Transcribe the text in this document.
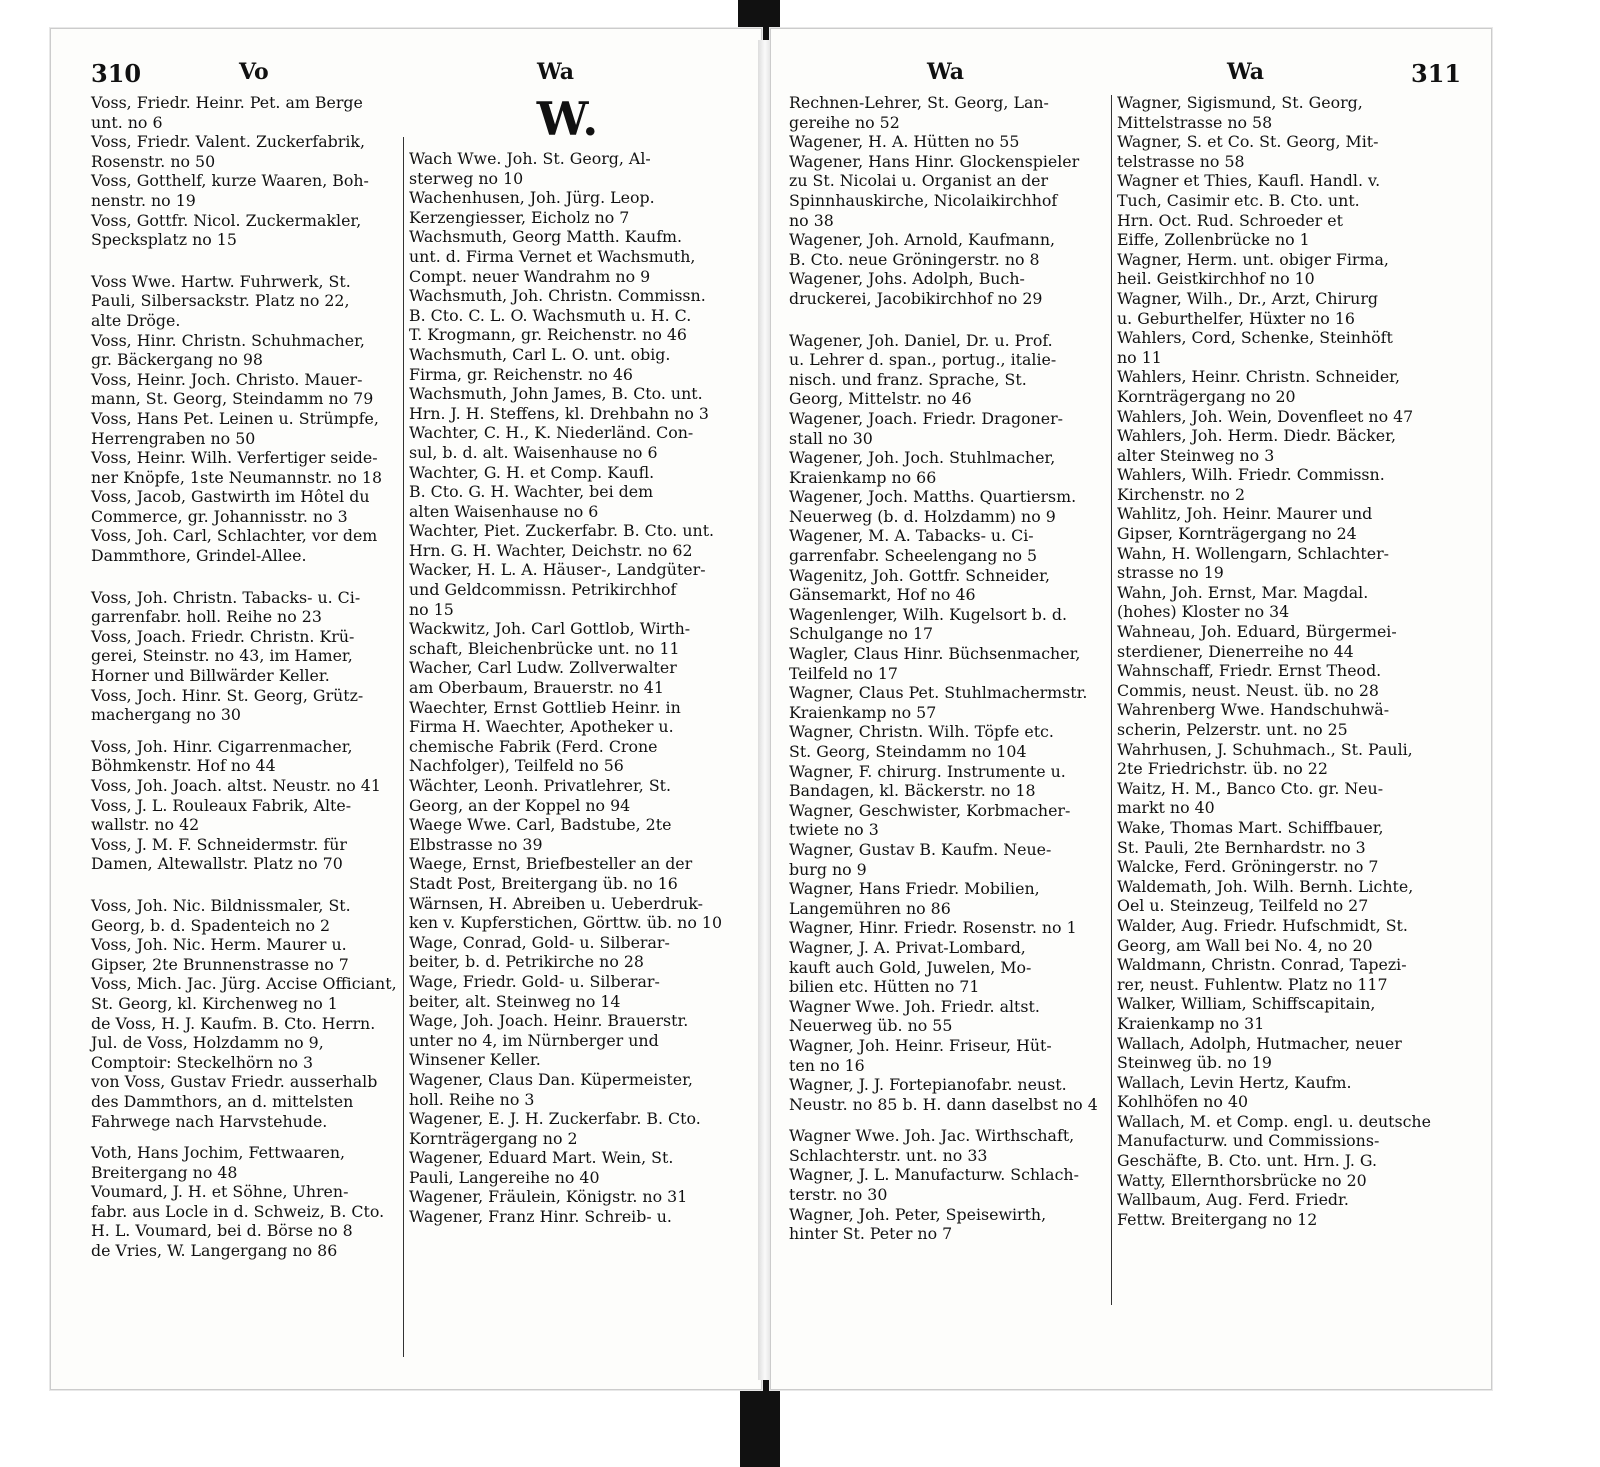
310	Vo	Wa

Voss, Friedr. Heinr. Pet. am Berge
unt. no 6

Voss, Friedr. Valent. Zuckerfabrik,
Rosenstr. no 50

Voss, Gotthelf, kurze Waaren, Boh-
nenstr. no 19

Voss, Gottfr. Nicol. Zuckermakler,
Specksplatz no 15

Voss Wwe. Hartw. Fuhrwerk, St.
Pauli, Silbersackstr. Platz no 22,
alte Dröge.

Voss, Hinr. Christn. Schuhmacher,
gr. Bäckergang no 98

Voss, Heinr. Joch. Christo. Mauer-
mann, St. Georg, Steindamm no 79

Voss, Hans Pet. Leinen u. Strümpfe,
Herrengraben no 50

Voss, Heinr. Wilh. Verfertiger seide-
ner Knöpfe, 1ste Neumannstr. no 18

Voss, Jacob, Gastwirth im Hôtel du
Commerce, gr. Johannisstr. no 3

Voss, Joh. Carl, Schlachter, vor dem
Dammthore, Grindel-Allee.

Voss, Joh. Christn. Tabacks- u. Ci-
garrenfabr. holl. Reihe no 23

Voss, Joach. Friedr. Christn. Krü-
gerei, Steinstr. no 43, im Hamer,
Horner und Billwärder Keller.

Voss, Joch. Hinr. St. Georg, Grütz-
machergang no 30

Voss, Joh. Hinr. Cigarrenmacher,
Böhmkenstr. Hof no 44

Voss, Joh. Joach. altst. Neustr. no 41

Voss, J. L. Rouleaux Fabrik, Alte-
wallstr. no 42

Voss, J. M. F. Schneidermstr. für
Damen, Altewallstr. Platz no 70

Voss, Joh. Nic. Bildnissmaler, St.
Georg, b. d. Spadenteich no 2

Voss, Joh. Nic. Herm. Maurer u.
Gipser, 2te Brunnenstrasse no 7

Voss, Mich. Jac. Jürg. Accise Officiant,
St. Georg, kl. Kirchenweg no 1

de Voss, H. J. Kaufm. B. Cto. Herrn.
Jul. de Voss, Holzdamm no 9,
Comptoir: Steckelhörn no 3

von Voss, Gustav Friedr. ausserhalb
des Dammthors, an d. mittelsten
Fahrwege nach Harvstehude.

Voth, Hans Jochim, Fettwaaren,
Breitergang no 48

Voumard, J. H. et Söhne, Uhren-
fabr. aus Locle in d. Schweiz, B. Cto.
H. L. Voumard, bei d. Börse no 8

de Vries, W. Langergang no 86

W.

Wach Wwe. Joh. St. Georg, Al-
sterweg no 10

Wachenhusen, Joh. Jürg. Leop.
Kerzengiesser, Eicholz no 7

Wachsmuth, Georg Matth. Kaufm.
unt. d. Firma Vernet et Wachsmuth,
Compt. neuer Wandrahm no 9

Wachsmuth, Joh. Christn. Commissn.
B. Cto. C. L. O. Wachsmuth u. H. C.
T. Krogmann, gr. Reichenstr. no 46

Wachsmuth, Carl L. O. unt. obig.
Firma, gr. Reichenstr. no 46

Wachsmuth, John James, B. Cto. unt.
Hrn. J. H. Steffens, kl. Drehbahn no 3

Wachter, C. H., K. Niederländ. Con-
sul, b. d. alt. Waisenhause no 6

Wachter, G. H. et Comp. Kaufl.
B. Cto. G. H. Wachter, bei dem
alten Waisenhause no 6

Wachter, Piet. Zuckerfabr. B. Cto. unt.
Hrn. G. H. Wachter, Deichstr. no 62

Wacker, H. L. A. Häuser-, Landgüter-
und Geldcommissn. Petrikirchhof
no 15

Wackwitz, Joh. Carl Gottlob, Wirth-
schaft, Bleichenbrücke unt. no 11

Wacher, Carl Ludw. Zollverwalter
am Oberbaum, Brauerstr. no 41

Waechter, Ernst Gottlieb Heinr. in
Firma H. Waechter, Apotheker u.
chemische Fabrik (Ferd. Crone
Nachfolger), Teilfeld no 56

Wächter, Leonh. Privatlehrer, St.
Georg, an der Koppel no 94

Waege Wwe. Carl, Badstube, 2te
Elbstrasse no 39

Waege, Ernst, Briefbesteller an der
Stadt Post, Breitergang üb. no 16

Wärnsen, H. Abreiben u. Ueberdruk-
ken v. Kupferstichen, Görttw. üb. no 10

Wage, Conrad, Gold- u. Silberar-
beiter, b. d. Petrikirche no 28

Wage, Friedr. Gold- u. Silberar-
beiter, alt. Steinweg no 14

Wage, Joh. Joach. Heinr. Brauerstr.
unter no 4, im Nürnberger und
Winsener Keller.

Wagener, Claus Dan. Küpermeister,
holl. Reihe no 3

Wagener, E. J. H. Zuckerfabr. B. Cto.
Kornträgergang no 2

Wagener, Eduard Mart. Wein, St.
Pauli, Langereihe no 40

Wagener, Fräulein, Königstr. no 31

Wagener, Franz Hinr. Schreib- u.

Wa	Wa	311

Rechnen-Lehrer, St. Georg, Lan-
gereihe no 52

Wagener, H. A. Hütten no 55

Wagener, Hans Hinr. Glockenspieler
zu St. Nicolai u. Organist an der
Spinnhauskirche, Nicolaikirchhof
no 38

Wagener, Joh. Arnold, Kaufmann,
B. Cto. neue Gröningerstr. no 8

Wagener, Johs. Adolph, Buch-
druckerei, Jacobikirchhof no 29

Wagener, Joh. Daniel, Dr. u. Prof.
u. Lehrer d. span., portug., italie-
nisch. und franz. Sprache, St.
Georg, Mittelstr. no 46

Wagener, Joach. Friedr. Dragoner-
stall no 30

Wagener, Joh. Joch. Stuhlmacher,
Kraienkamp no 66

Wagener, Joch. Matths. Quartiersm.
Neuerweg (b. d. Holzdamm) no 9

Wagener, M. A. Tabacks- u. Ci-
garrenfabr. Scheelengang no 5

Wagenitz, Joh. Gottfr. Schneider,
Gänsemarkt, Hof no 46

Wagenlenger, Wilh. Kugelsort b. d.
Schulgange no 17

Wagler, Claus Hinr. Büchsenmacher,
Teilfeld no 17

Wagner, Claus Pet. Stuhlmachermstr.
Kraienkamp no 57

Wagner, Christn. Wilh. Töpfe etc.
St. Georg, Steindamm no 104

Wagner, F. chirurg. Instrumente u.
Bandagen, kl. Bäckerstr. no 18

Wagner, Geschwister, Korbmacher-
twiete no 3

Wagner, Gustav B. Kaufm. Neue-
burg no 9

Wagner, Hans Friedr. Mobilien,
Langemühren no 86

Wagner, Hinr. Friedr. Rosenstr. no 1

Wagner, J. A. Privat-Lombard,
kauft auch Gold, Juwelen, Mo-
bilien etc. Hütten no 71

Wagner Wwe. Joh. Friedr. altst.
Neuerweg üb. no 55

Wagner, Joh. Heinr. Friseur, Hüt-
ten no 16

Wagner, J. J. Fortepianofabr. neust.
Neustr. no 85 b. H. dann daselbst no 4

Wagner Wwe. Joh. Jac. Wirthschaft,
Schlachterstr. unt. no 33

Wagner, J. L. Manufacturw. Schlach-
terstr. no 30

Wagner, Joh. Peter, Speisewirth,
hinter St. Peter no 7

Wagner, Sigismund, St. Georg,
Mittelstrasse no 58

Wagner, S. et Co. St. Georg, Mit-
telstrasse no 58

Wagner et Thies, Kaufl. Handl. v.
Tuch, Casimir etc. B. Cto. unt.
Hrn. Oct. Rud. Schroeder et
Eiffe, Zollenbrücke no 1

Wagner, Herm. unt. obiger Firma,
heil. Geistkirchhof no 10

Wagner, Wilh., Dr., Arzt, Chirurg
u. Geburthelfer, Hüxter no 16

Wahlers, Cord, Schenke, Steinhöft
no 11

Wahlers, Heinr. Christn. Schneider,
Kornträgergang no 20

Wahlers, Joh. Wein, Dovenfleet no 47

Wahlers, Joh. Herm. Diedr. Bäcker,
alter Steinweg no 3

Wahlers, Wilh. Friedr. Commissn.
Kirchenstr. no 2

Wahlitz, Joh. Heinr. Maurer und
Gipser, Kornträgergang no 24

Wahn, H. Wollengarn, Schlachter-
strasse no 19

Wahn, Joh. Ernst, Mar. Magdal.
(hohes) Kloster no 34

Wahneau, Joh. Eduard, Bürgermei-
sterdiener, Dienerreihe no 44

Wahnschaff, Friedr. Ernst Theod.
Commis, neust. Neust. üb. no 28

Wahrenberg Wwe. Handschuhwä-
scherin, Pelzerstr. unt. no 25

Wahrhusen, J. Schuhmach., St. Pauli,
2te Friedrichstr. üb. no 22

Waitz, H. M., Banco Cto. gr. Neu-
markt no 40

Wake, Thomas Mart. Schiffbauer,
St. Pauli, 2te Bernhardstr. no 3

Walcke, Ferd. Gröningerstr. no 7

Waldemath, Joh. Wilh. Bernh. Lichte,
Oel u. Steinzeug, Teilfeld no 27

Walder, Aug. Friedr. Hufschmidt, St.
Georg, am Wall bei No. 4, no 20

Waldmann, Christn. Conrad, Tapezi-
rer, neust. Fuhlentw. Platz no 117

Walker, William, Schiffscapitain,
Kraienkamp no 31

Wallach, Adolph, Hutmacher, neuer
Steinweg üb. no 19

Wallach, Levin Hertz, Kaufm.
Kohlhöfen no 40

Wallach, M. et Comp. engl. u. deutsche
Manufacturw. und Commissions-
Geschäfte, B. Cto. unt. Hrn. J. G.
Watty, Ellernthorsbrücke no 20

Wallbaum, Aug. Ferd. Friedr.
Fettw. Breitergang no 12
